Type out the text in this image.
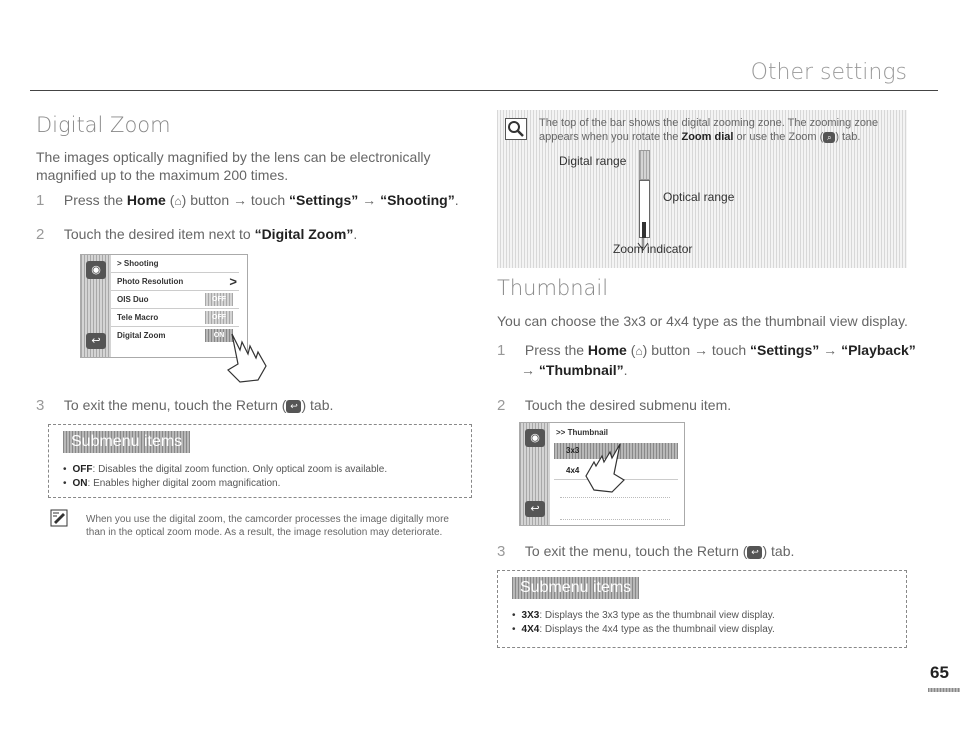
Other settings
Digital Zoom

The images optically magnified by the lens can be electronically magnified up to the maximum 200 times.

1 Press the Home (⌂) button → touch “Settings” → “Shooting”.
2 Touch the desired item next to “Digital Zoom”.
◉
↩
> Shooting
Photo Resolution	>
OIS Duo	OFF
Tele Macro	OFF
Digital Zoom	ON
3 To exit the menu, touch the Return ( ↩ ) tab.
Submenu items
• OFF: Disables the digital zoom function. Only optical zoom is available.
• ON: Enables higher digital zoom magnification.
When you use the digital zoom, the camcorder processes the image digitally more than in the optical zoom mode. As a result, the image resolution may deteriorate.
The top of the bar shows the digital zooming zone. The zooming zone appears when you rotate the Zoom dial or use the Zoom ( ⌕ ) tab.
Digital range
Optical range
Zoom indicator
Thumbnail

You can choose the 3x3 or 4x4 type as the thumbnail view display.

1 Press the Home (⌂) button → touch “Settings” → “Playback”
→ “Thumbnail”.
2 Touch the desired submenu item.
◉
↩
>> Thumbnail
3x3
4x4
3 To exit the menu, touch the Return ( ↩ ) tab.
Submenu items
• 3X3: Displays the 3x3 type as the thumbnail view display.
• 4X4: Displays the 4x4 type as the thumbnail view display.
65
